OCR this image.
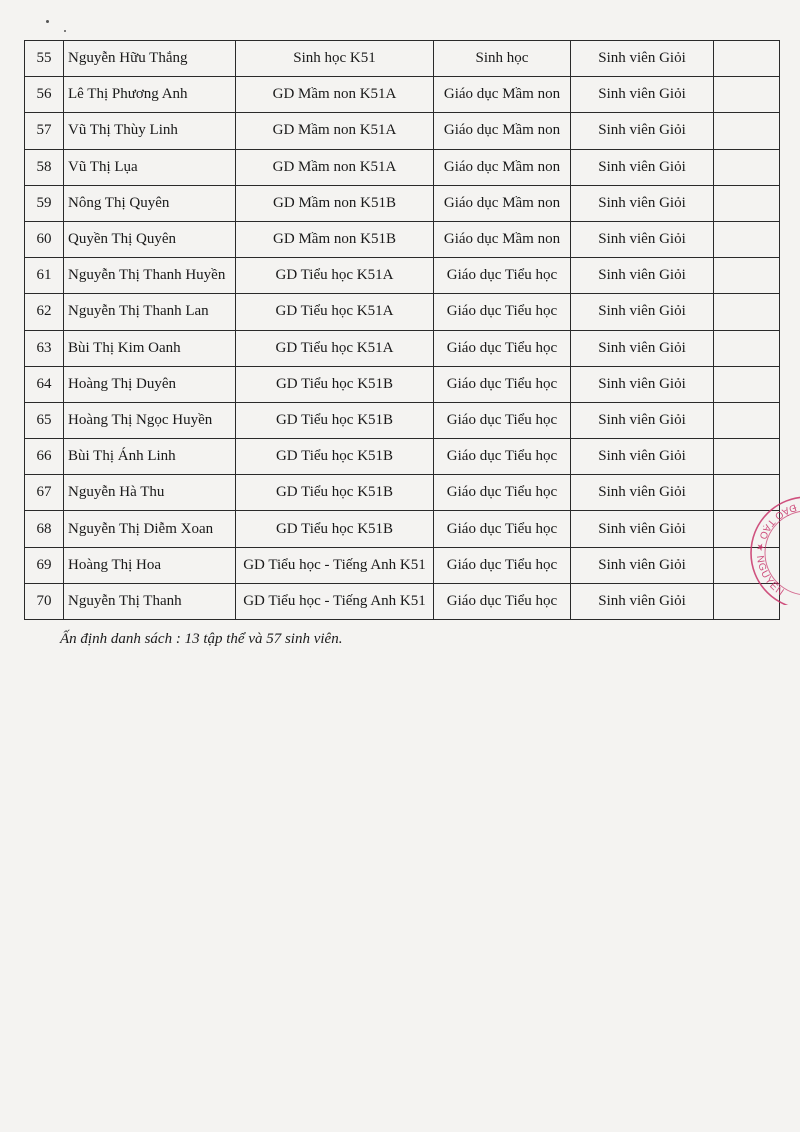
55	Nguyễn Hữu Thắng	Sinh học K51	Sinh học	Sinh viên Giỏi	
56	Lê Thị Phương Anh	GD Mầm non K51A	Giáo dục Mầm non	Sinh viên Giỏi	
57	Vũ Thị Thùy Linh	GD Mầm non K51A	Giáo dục Mầm non	Sinh viên Giỏi	
58	Vũ Thị Lụa	GD Mầm non K51A	Giáo dục Mầm non	Sinh viên Giỏi	
59	Nông Thị Quyên	GD Mầm non K51B	Giáo dục Mầm non	Sinh viên Giỏi	
60	Quyền Thị Quyên	GD Mầm non K51B	Giáo dục Mầm non	Sinh viên Giỏi	
61	Nguyễn Thị Thanh Huyền	GD Tiểu học K51A	Giáo dục Tiểu học	Sinh viên Giỏi	
62	Nguyễn Thị Thanh Lan	GD Tiểu học K51A	Giáo dục Tiểu học	Sinh viên Giỏi	
63	Bùi Thị Kim Oanh	GD Tiểu học K51A	Giáo dục Tiểu học	Sinh viên Giỏi	
64	Hoàng Thị Duyên	GD Tiểu học K51B	Giáo dục Tiểu học	Sinh viên Giỏi	
65	Hoàng Thị Ngọc Huyền	GD Tiểu học K51B	Giáo dục Tiểu học	Sinh viên Giỏi	
66	Bùi Thị Ánh Linh	GD Tiểu học K51B	Giáo dục Tiểu học	Sinh viên Giỏi	
67	Nguyễn Hà Thu	GD Tiểu học K51B	Giáo dục Tiểu học	Sinh viên Giỏi	
68	Nguyễn Thị Diễm Xoan	GD Tiểu học K51B	Giáo dục Tiểu học	Sinh viên Giỏi	
69	Hoàng Thị Hoa	GD Tiểu học - Tiếng Anh K51	Giáo dục Tiểu học	Sinh viên Giỏi	
70	Nguyễn Thị Thanh	GD Tiểu học - Tiếng Anh K51	Giáo dục Tiểu học	Sinh viên Giỏi	
Ấn định danh sách : 13 tập thể và 57 sinh viên.
ĐÀO TẠO ★ NGUYÊN
